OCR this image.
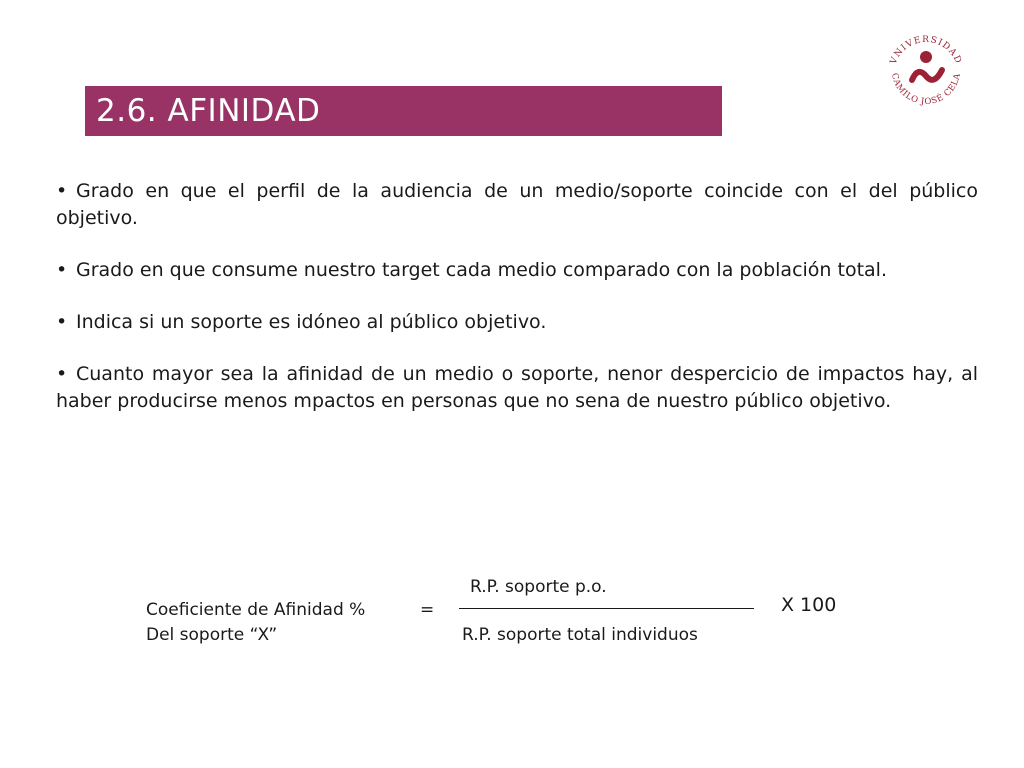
VNIVERSIDAD
CAMILO JOSÉ CELA
2.6. AFINIDAD
• Grado en que el perfil de la audiencia de un medio/soporte coincide con el del público objetivo.
• Grado en que consume nuestro target cada medio comparado con la población total.
• Indica si un soporte es idóneo al público objetivo.
• Cuanto mayor sea la afinidad de un medio o soporte, nenor despercicio de impactos hay, al haber producirse menos mpactos en personas que no sena de nuestro público objetivo.
Coeficiente de Afinidad %	=
Del soporte “X”
R.P. soporte p.o.
R.P. soporte total individuos
X 100
